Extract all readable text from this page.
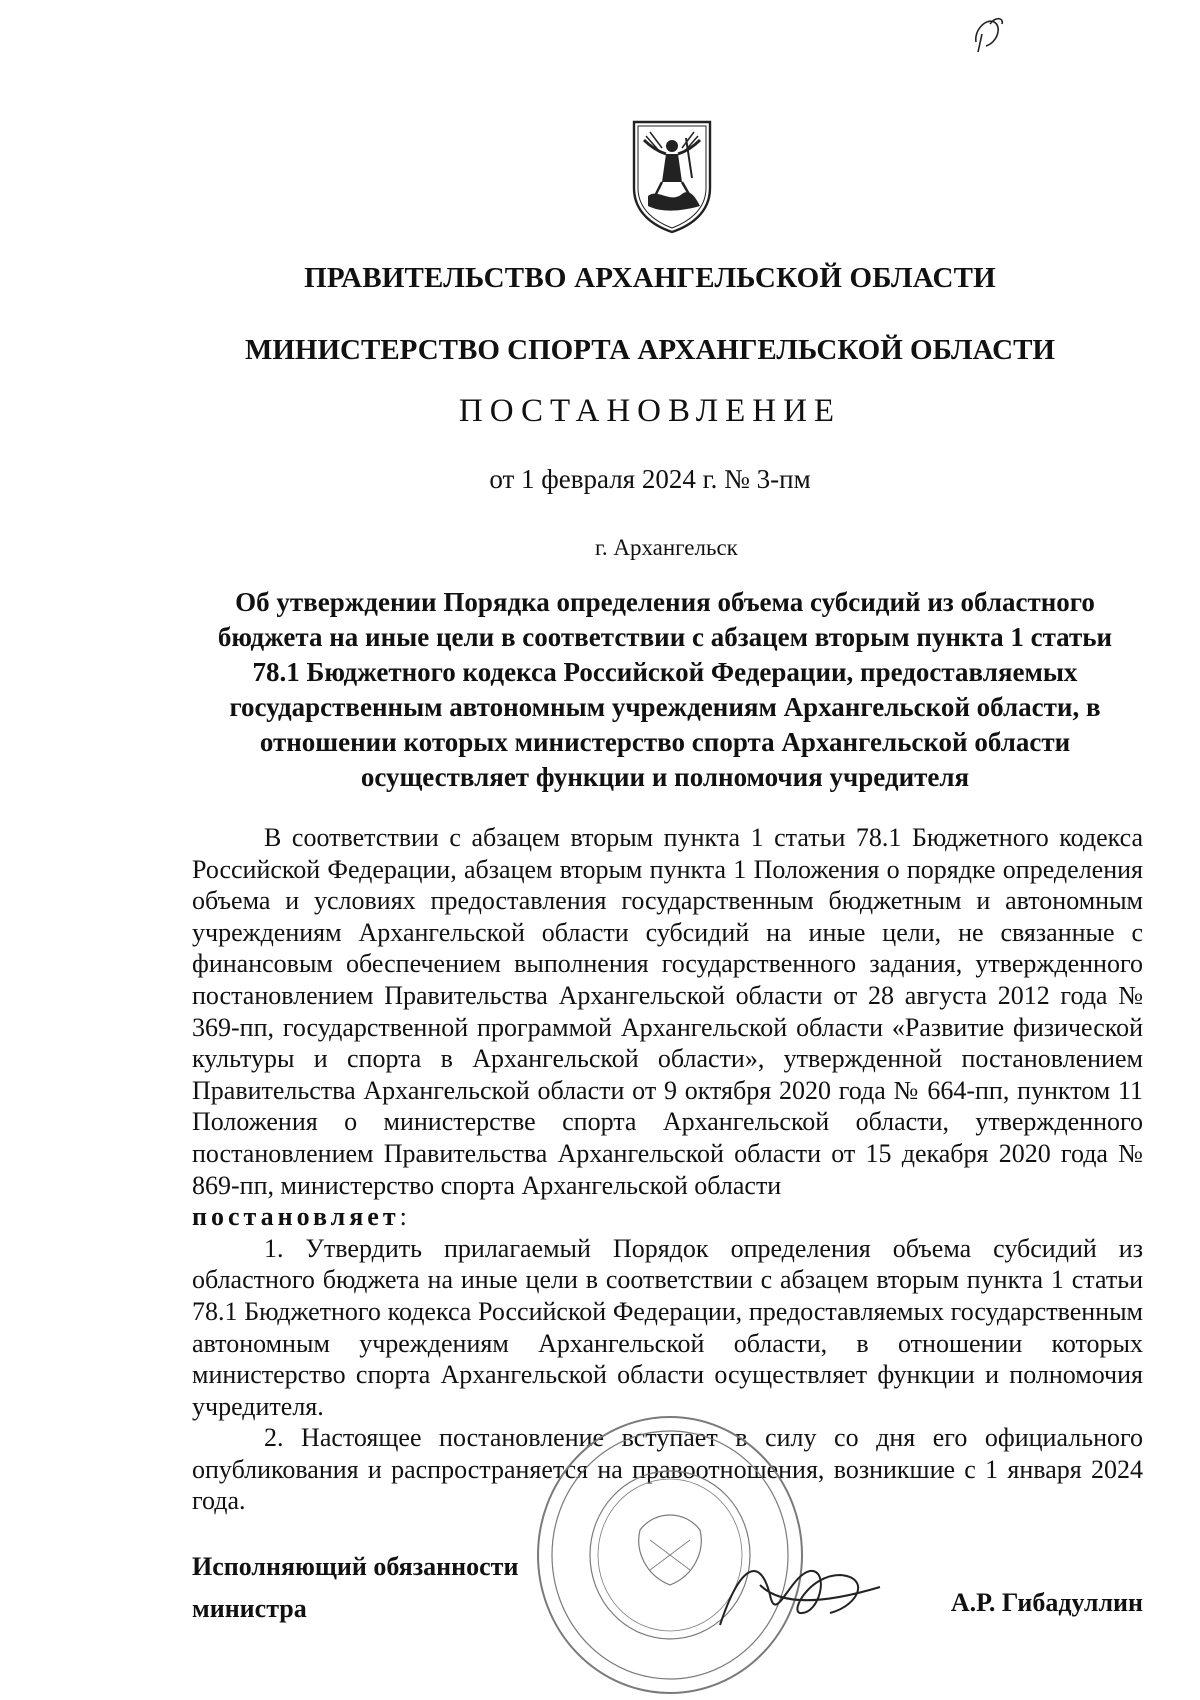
ПРАВИТЕЛЬСТВО АРХАНГЕЛЬСКОЙ ОБЛАСТИ
МИНИСТЕРСТВО СПОРТА АРХАНГЕЛЬСКОЙ ОБЛАСТИ
ПОСТАНОВЛЕНИЕ
от 1 февраля 2024 г. № 3-пм
г. Архангельск
Об утверждении Порядка определения объема субсидий из областного бюджета на иные цели в соответствии с абзацем вторым пункта 1 статьи 78.1 Бюджетного кодекса Российской Федерации, предоставляемых государственным автономным учреждениям Архангельской области, в отношении которых министерство спорта Архангельской области осуществляет функции и полномочия учредителя

В соответствии с абзацем вторым пункта 1 статьи 78.1 Бюджетного кодекса Российской Федерации, абзацем вторым пункта 1 Положения о порядке определения объема и условиях предоставления государственным бюджетным и автономным учреждениям Архангельской области субсидий на иные цели, не связанные с финансовым обеспечением выполнения государственного задания, утвержденного постановлением Правительства Архангельской области от 28 августа 2012 года № 369-пп, государственной программой Архангельской области «Развитие физической культуры и спорта в Архангельской области», утвержденной постановлением Правительства Архангельской области от 9 октября 2020 года № 664-пп, пунктом 11 Положения о министерстве спорта Архангельской области, утвержденного постановлением Правительства Архангельской области от 15 декабря 2020 года № 869-пп, министерство спорта Архангельской области
постановляет:

1. Утвердить прилагаемый Порядок определения объема субсидий из областного бюджета на иные цели в соответствии с абзацем вторым пункта 1 статьи 78.1 Бюджетного кодекса Российской Федерации, предоставляемых государственным автономным учреждениям Архангельской области, в отношении которых министерство спорта Архангельской области осуществляет функции и полномочия учредителя.

2. Настоящее постановление вступает в силу со дня его официального опубликования и распространяется на правоотношения, возникшие с 1 января 2024 года.

Исполняющий обязанности
министра	А.Р. Гибадуллин
